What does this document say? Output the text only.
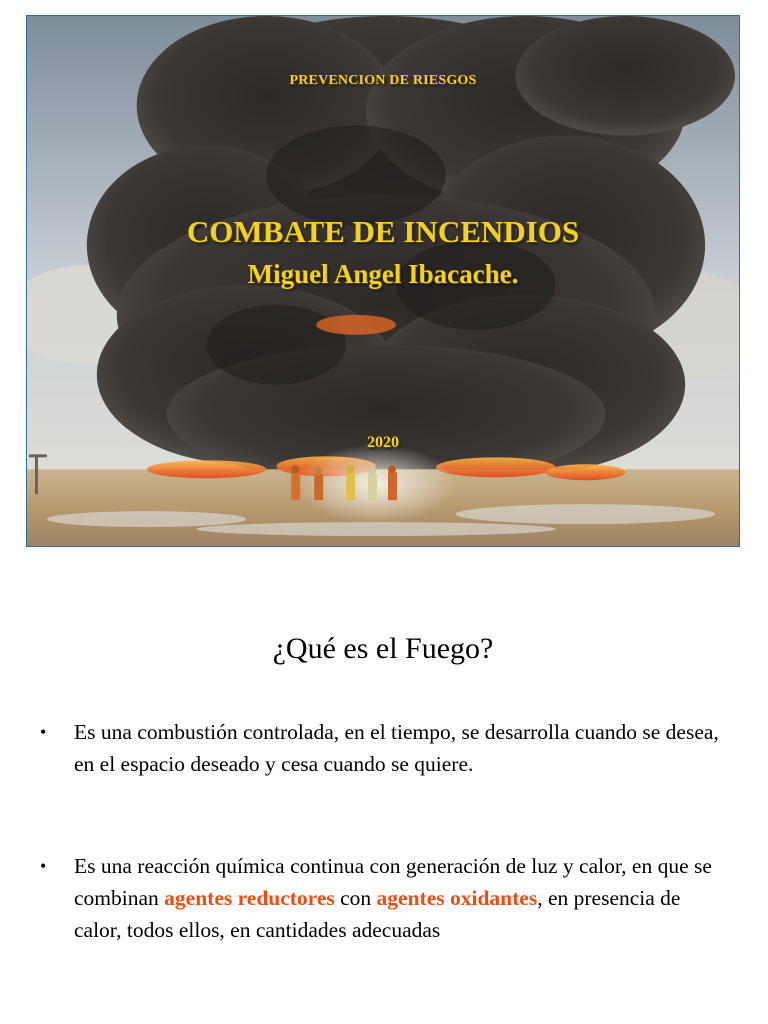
PREVENCION DE RIESGOS
COMBATE DE INCENDIOS
Miguel Angel Ibacache.
2020
¿Qué es el Fuego?
•	Es una combustión controlada, en el tiempo, se desarrolla cuando se desea, en el espacio deseado y cesa cuando se quiere.
•	Es una reacción química continua con generación de luz y calor, en que se combinan agentes reductores con agentes oxidantes, en presencia de calor, todos ellos, en cantidades adecuadas
